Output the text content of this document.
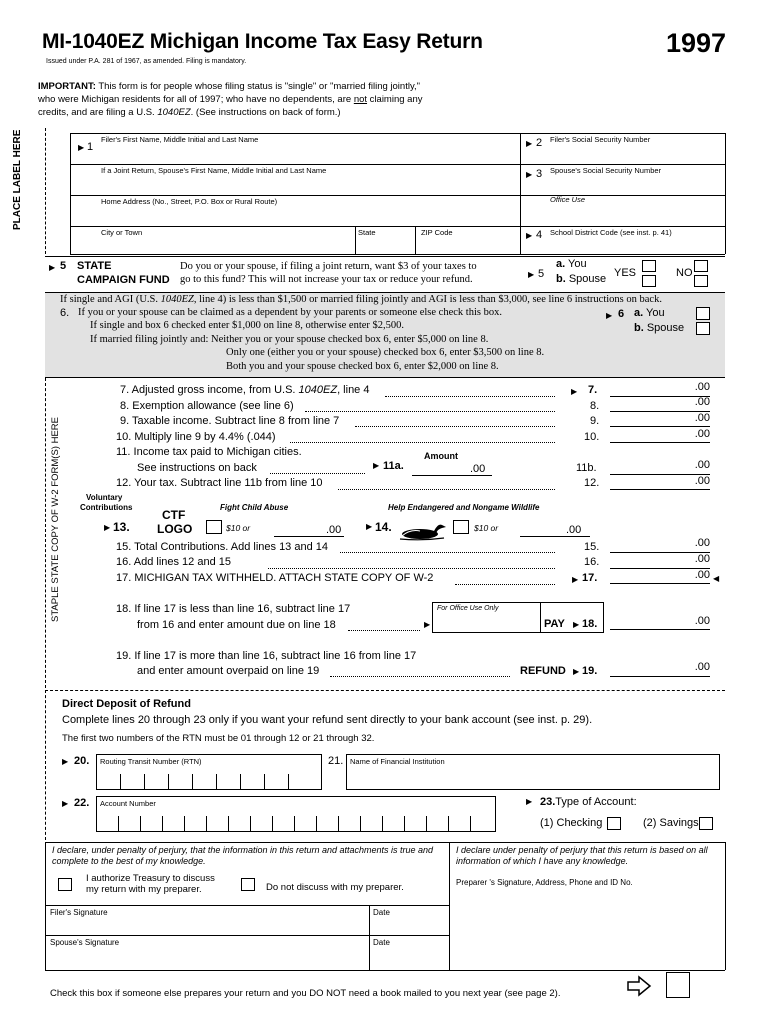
MI-1040EZ Michigan Income Tax Easy Return	1997
Issued under P.A. 281 of 1967, as amended. Filing is mandatory.
IMPORTANT: This form is for people whose filing status is "single" or "married filing jointly,"
who were Michigan residents for all of 1997; who have no dependents, are not claiming any
credits, and are filing a U.S. 1040EZ. (See instructions on back of form.)
PLACE LABEL HERE	▶ 1
Filer's First Name, Middle Initial and Last Name	▶ 2 Filer's Social Security Number
If a Joint Return, Spouse's First Name, Middle Initial and Last Name	▶ 3 Spouse's Social Security Number
Home Address (No., Street, P.O. Box or Rural Route)	Office Use
City or Town	State	ZIP Code	▶ 4 School District Code (see inst. p. 41)
▶ 5 STATE
CAMPAIGN FUND
Do you or your spouse, if filing a joint return, want $3 of your taxes to
go to this fund? This will not increase your tax or reduce your refund.	▶ 5
a. You
b. Spouse YES	NO
If single and AGI (U.S. 1040EZ, line 4) is less than $1,500 or married filing jointly and AGI is less than $3,000, see line 6 instructions on back.
6. If you or your spouse can be claimed as a dependent by your parents or someone else check this box.	▶ 6 a. You
b. Spouse
If single and box 6 checked enter $1,000 on line 8, otherwise enter $2,500.
If married filing jointly and: Neither you or your spouse checked box 6, enter $5,000 on line 8.
Only one (either you or your spouse) checked box 6, enter $3,500 on line 8.
Both you and your spouse checked box 6, enter $2,000 on line 8.
STAPLE STATE COPY OF W-2 FORM(S) HERE
7. Adjusted gross income, from U.S. 1040EZ, line 4	▶ 7.	.00
8. Exemption allowance (see line 6)	8.	.00
9. Taxable income. Subtract line 8 from line 7	9.	.00
10. Multiply line 9 by 4.4% (.044)	10.	.00
11. Income tax paid to Michigan cities.	Amount
See instructions on back	▶ 11a.	.00	11b.	.00
12. Your tax. Subtract line 11b from line 10	12.	.00
Voluntary
Contributions	Fight Child Abuse	Help Endangered and Nongame Wildlife
▶ 13.
CTF
LOGO	$10 or	.00	▶ 14.	$10 or	.00
15. Total Contributions. Add lines 13 and 14	15.	.00
16. Add lines 12 and 15	16.	.00
17. MICHIGAN TAX WITHHELD. ATTACH STATE COPY OF W-2	▶ 17.	.00 ◀
18. If line 17 is less than line 16, subtract line 17
from 16 and enter amount due on line 18	▶
For Office Use Only
PAY ▶ 18.	.00
19. If line 17 is more than line 16, subtract line 16 from line 17
and enter amount overpaid on line 19	REFUND ▶ 19.	.00
Direct Deposit of Refund
Complete lines 20 through 23 only if you want your refund sent directly to your bank account (see inst. p. 29).
The first two numbers of the RTN must be 01 through 12 or 21 through 32.
▶ 20. Routing Transit Number (RTN)	21. Name of Financial Institution
▶ 22. Account Number	▶ 23.Type of Account:
(1) Checking	(2) Savings
I declare, under penalty of perjury, that the information in this return and attachments is true and complete to the best of my knowledge.
I declare under penalty of perjury that this return is based on all information of which I have any knowledge.
I authorize Treasury to discuss
my return with my preparer.	Do not discuss with my preparer.	Preparer 's Signature, Address, Phone and ID No.
Filer's Signature	Date
Spouse's Signature	Date
Check this box if someone else prepares your return and you DO NOT need a book mailed to you next year (see page 2).
